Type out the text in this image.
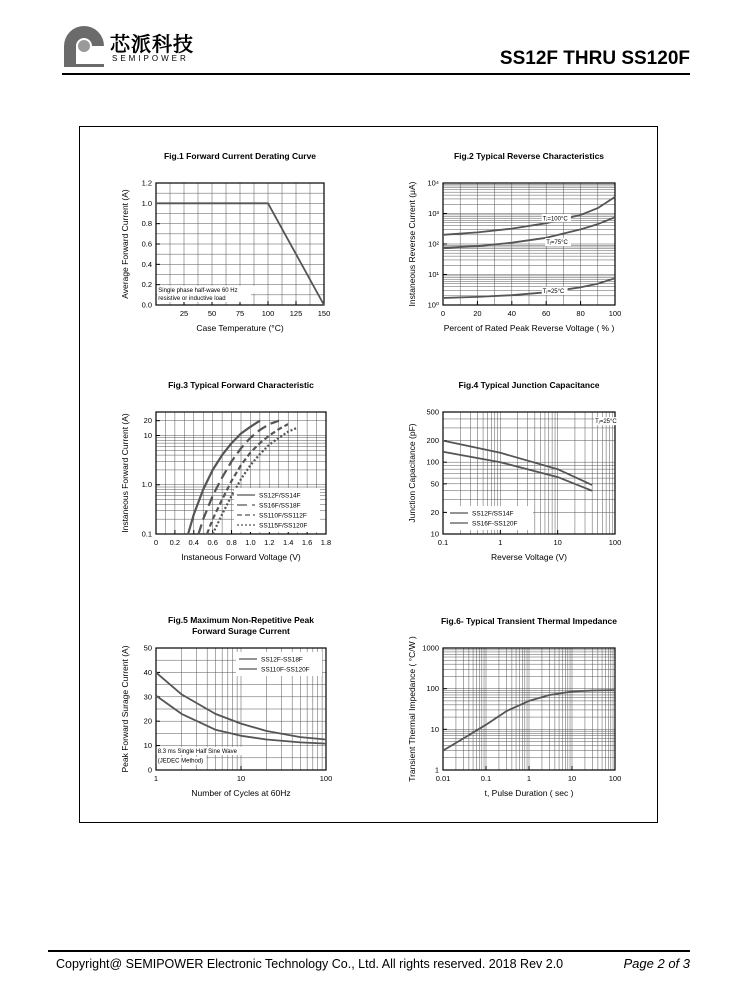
芯派科技
SEMIPOWER	SS12F THRU SS120F
25	50	75 100 125 150
0.0
0.2
0.4
0.6
0.8
1.0
1.2
Fig.1 Forward Current Derating Curve
Case Temperature (°C)
Average Forward Current (A)	Single phase half-wave 60 Hz
resistive or inductive load
0	20	40	60	80	100
10⁰
10¹
10²
10³
10⁴
Fig.2 Typical Reverse Characteristics
Percent of Rated Peak Reverse Voltage ( % )
Instaneous Reverse Current (μA)	Tⱼ=100°C
Tⱼ=75°C
Tⱼ=25°C
0 0.2 0.4 0.6 0.8 1.0 1.2 1.4 1.6 1.8
0.1
1.0
10
20
Fig.3 Typical Forward Characteristic
Instaneous Forward Voltage (V)
Instaneous Forward Current (A)	SS12F/SS14F
SS16F/SS18F
SS110F/SS112F
SS115F/SS120F
0.1	1	10	100
10
20
50
100
200
500
Fig.4 Typical Junction Capacitance
Reverse Voltage (V)
Junction Capacitance (pF)	SS12F/SS14F
SS16F-SS120F
Tⱼ=25°C
1	10	100
0
10
20
30
40
50
Fig.5 Maximum Non-Repetitive Peak
Forward Surage Current
Number of Cycles at 60Hz
Peak Forward Surage Current (A)	SS12F-SS18F
SS110F-SS120F
8.3 ms Single Half Sine Wave
(JEDEC Method)
0.01	0.1	1	10	100
1
10
100
1000
Fig.6- Typical Transient Thermal Impedance
t, Pulse Duration ( sec )
Transient Thermal Impedance ( °C/W )
Copyright@ SEMIPOWER Electronic Technology Co., Ltd. All rights reserved. 2018 Rev 2.0	Page 2 of 3
